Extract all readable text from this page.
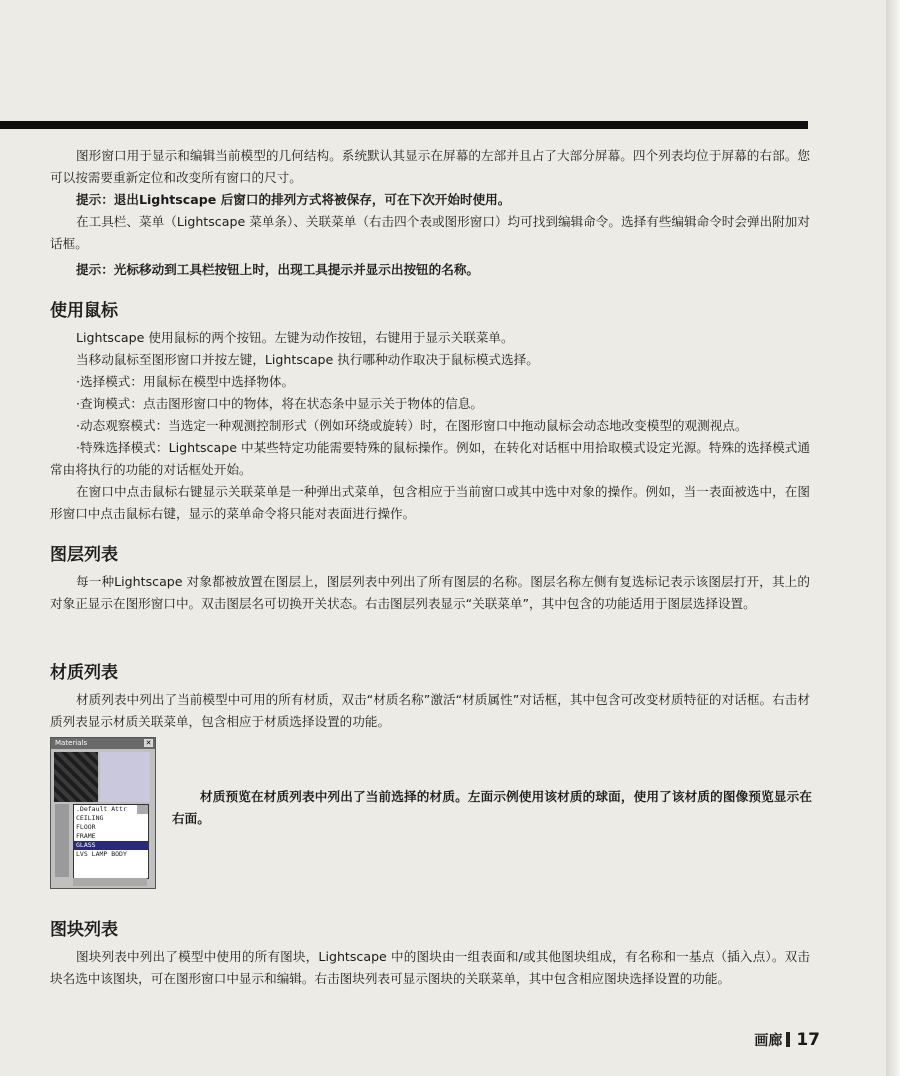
图形窗口用于显示和编辑当前模型的几何结构。系统默认其显示在屏幕的左部并且占了大部分屏幕。四个列表均位于屏幕的右部。您可以按需要重新定位和改变所有窗口的尺寸。

提示：退出Lightscape 后窗口的排列方式将被保存，可在下次开始时使用。

在工具栏、菜单（Lightscape 菜单条）、关联菜单（右击四个表或图形窗口）均可找到编辑命令。选择有些编辑命令时会弹出附加对话框。

提示：光标移动到工具栏按钮上时，出现工具提示并显示出按钮的名称。

使用鼠标

Lightscape 使用鼠标的两个按钮。左键为动作按钮，右键用于显示关联菜单。

当移动鼠标至图形窗口并按左键，Lightscape 执行哪种动作取决于鼠标模式选择。

·选择模式：用鼠标在模型中选择物体。

·查询模式：点击图形窗口中的物体，将在状态条中显示关于物体的信息。

·动态观察模式：当选定一种观测控制形式（例如环绕或旋转）时，在图形窗口中拖动鼠标会动态地改变模型的观测视点。

·特殊选择模式：Lightscape 中某些特定功能需要特殊的鼠标操作。例如，在转化对话框中用拾取模式设定光源。特殊的选择模式通常由将执行的功能的对话框处开始。

在窗口中点击鼠标右键显示关联菜单是一种弹出式菜单，包含相应于当前窗口或其中选中对象的操作。例如，当一表面被选中，在图形窗口中点击鼠标右键，显示的菜单命令将只能对表面进行操作。

图层列表

每一种Lightscape 对象都被放置在图层上，图层列表中列出了所有图层的名称。图层名称左侧有复选标记表示该图层打开，其上的对象正显示在图形窗口中。双击图层名可切换开关状态。右击图层列表显示“关联菜单”，其中包含的功能适用于图层选择设置。

材质列表

材质列表中列出了当前模型中可用的所有材质，双击“材质名称”激活“材质属性”对话框，其中包含可改变材质特征的对话框。右击材质列表显示材质关联菜单，包含相应于材质选择设置的功能。

Materials	✕
.Default Attr
CEILING
FLOOR
FRAME
GLASS
LVS LAMP BODY

材质预览在材质列表中列出了当前选择的材质。左面示例使用该材质的球面，使用了该材质的图像预览显示在右面。

图块列表

图块列表中列出了模型中使用的所有图块，Lightscape 中的图块由一组表面和/或其他图块组成，有名称和一基点（插入点）。双击块名选中该图块，可在图形窗口中显示和编辑。右击图块列表可显示图块的关联菜单，其中包含相应图块选择设置的功能。

画廊 17
